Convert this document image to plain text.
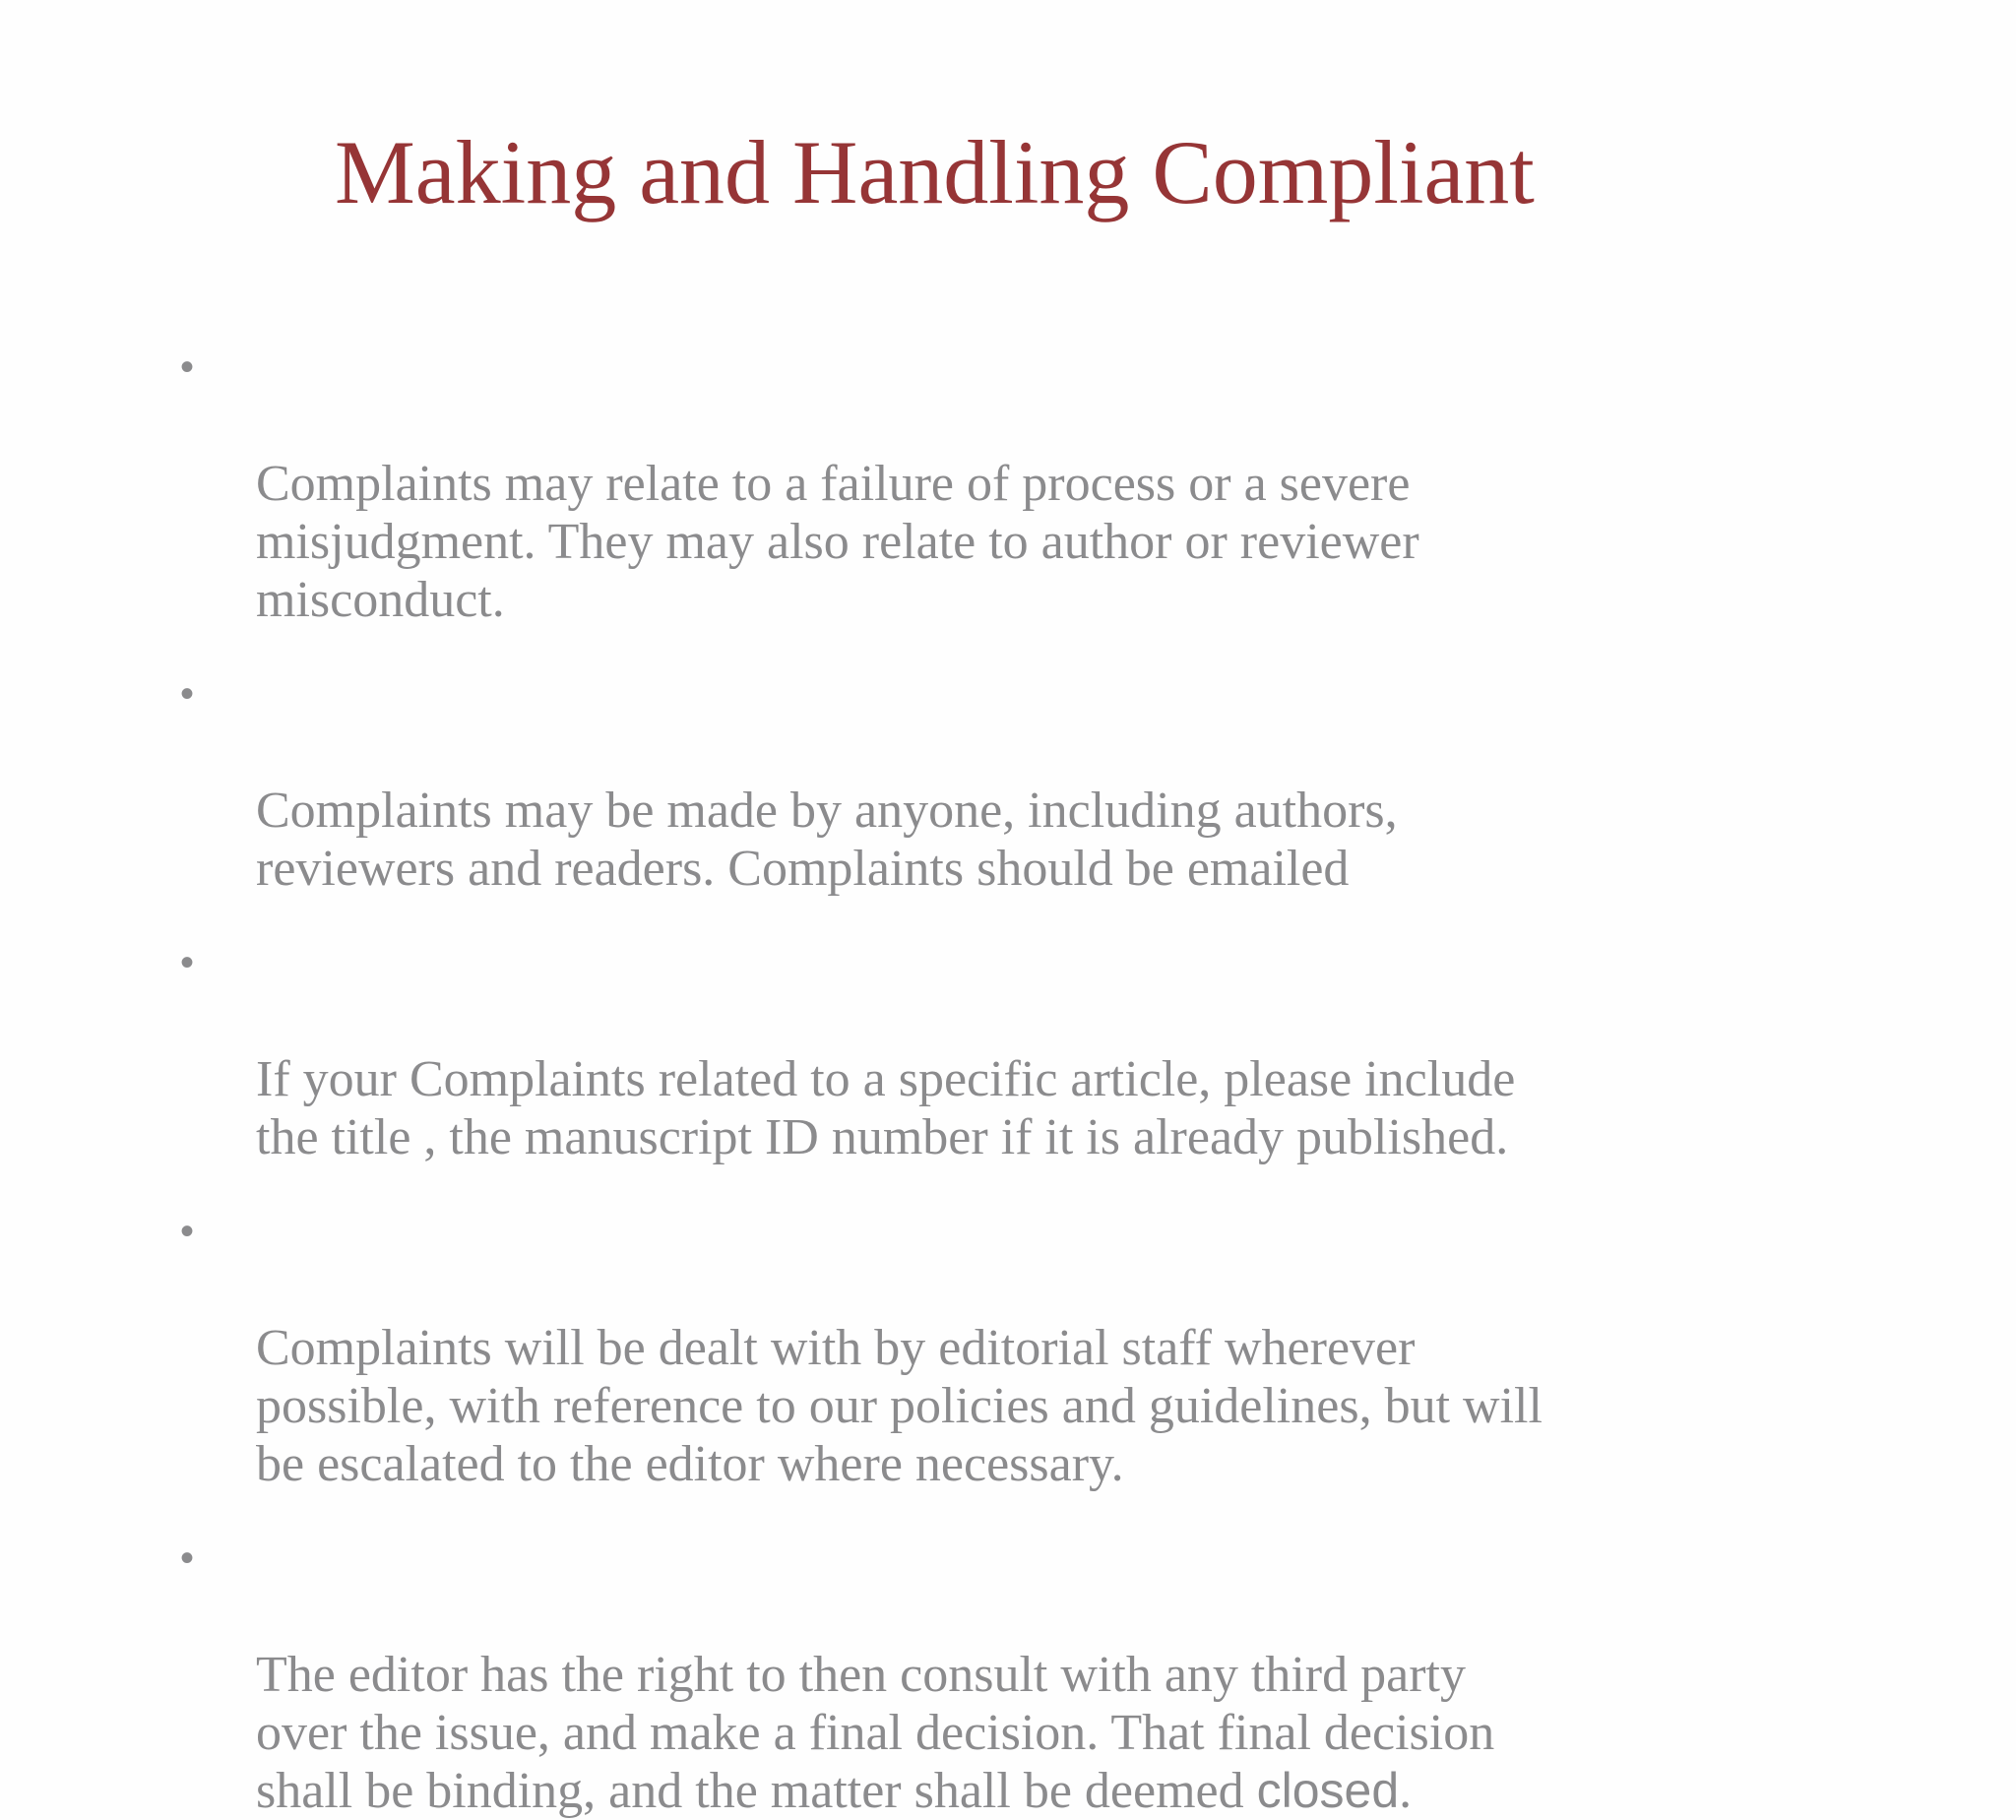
Making and Handling Compliant

•

Complaints may relate to a failure of process or a severe
misjudgment. They may also relate to author or reviewer
misconduct.

•

Complaints may be made by anyone, including authors,
reviewers and readers. Complaints should be emailed

•

If your Complaints related to a specific article, please include
the title , the manuscript ID number if it is already published.

•

Complaints will be dealt with by editorial staff wherever
possible, with reference to our policies and guidelines, but will
be escalated to the editor where necessary.

•

The editor has the right to then consult with any third party
over the issue, and make a final decision. That final decision
shall be binding, and the matter shall be deemed closed.
